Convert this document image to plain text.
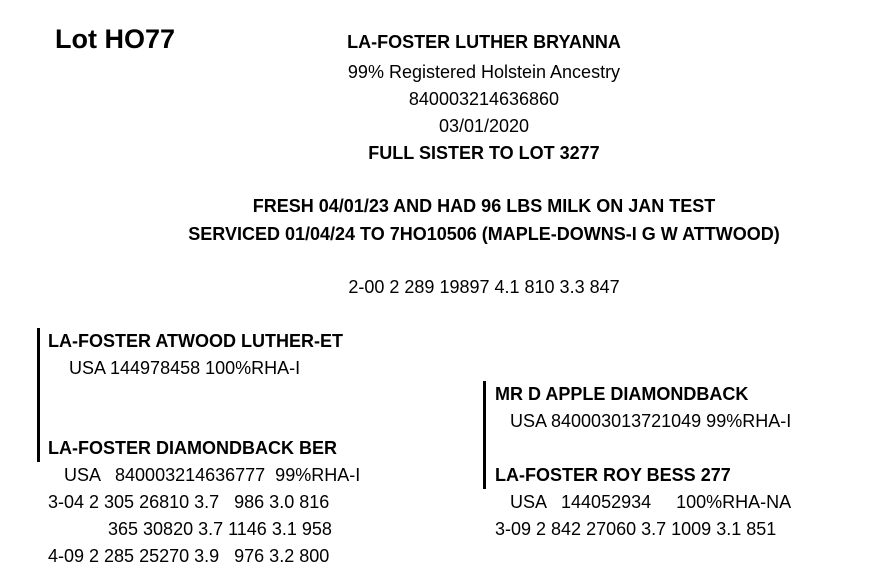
Lot HO77	LA-FOSTER LUTHER BRYANNA
99% Registered Holstein Ancestry
840003214636860
03/01/2020
FULL SISTER TO LOT 3277
FRESH 04/01/23 AND HAD 96 LBS MILK ON JAN TEST
SERVICED 01/04/24 TO 7HO10506 (MAPLE-DOWNS-I G W ATTWOOD)
2-00 2 289 19897 4.1 810 3.3 847
LA-FOSTER ATWOOD LUTHER-ET
USA 144978458 100%RHA-I
LA-FOSTER DIAMONDBACK BER
USA   840003214636777  99%RHA-I
3-04 2 305 26810 3.7   986 3.0 816
365 30820 3.7 1146 3.1 958
4-09 2 285 25270 3.9   976 3.2 800
MR D APPLE DIAMONDBACK
USA 840003013721049 99%RHA-I
LA-FOSTER ROY BESS 277
USA   144052934     100%RHA-NA
3-09 2 842 27060 3.7 1009 3.1 851
